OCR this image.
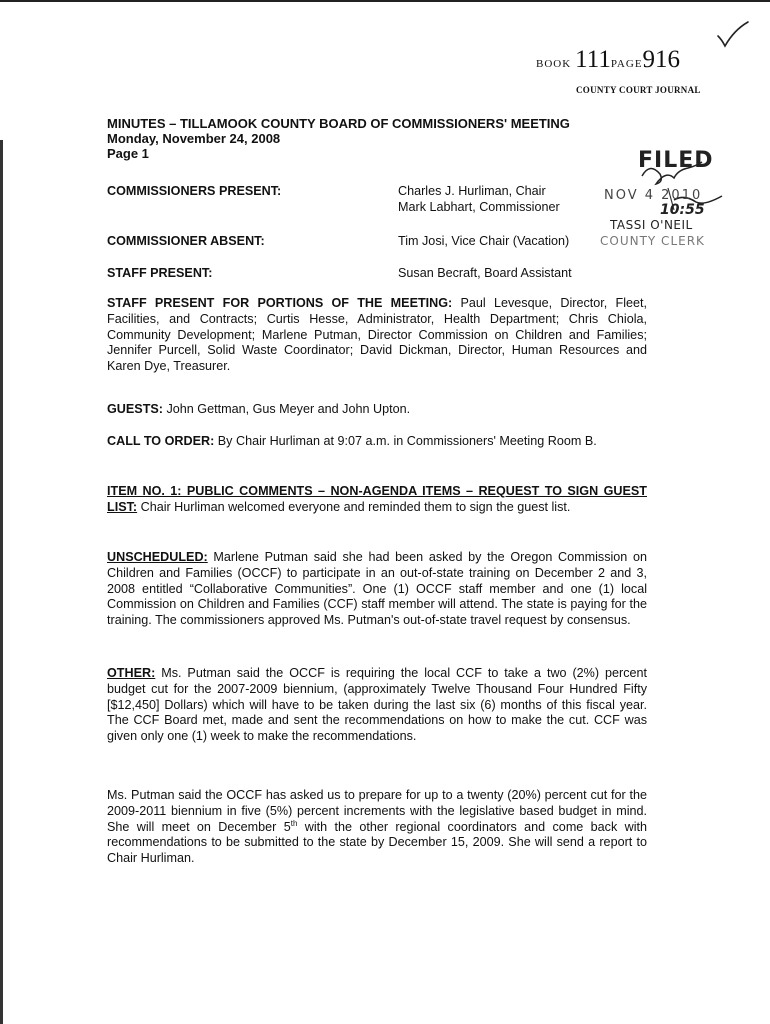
BOOK 111PAGE916
COUNTY COURT JOURNAL
FILED
NOV 4 2010
10:55
TASSI O'NEIL
COUNTY CLERK
MINUTES – TILLAMOOK COUNTY BOARD OF COMMISSIONERS' MEETING
Monday, November 24, 2008
Page 1
COMMISSIONERS PRESENT:	Charles J. Hurliman, Chair
Mark Labhart, Commissioner
COMMISSIONER ABSENT:	Tim Josi, Vice Chair (Vacation)
STAFF PRESENT:	Susan Becraft, Board Assistant
STAFF PRESENT FOR PORTIONS OF THE MEETING: Paul Levesque, Director, Fleet, Facilities, and Contracts; Curtis Hesse, Administrator, Health Department; Chris Chiola, Community Development; Marlene Putman, Director Commission on Children and Families; Jennifer Purcell, Solid Waste Coordinator; David Dickman, Director, Human Resources and Karen Dye, Treasurer.
GUESTS: John Gettman, Gus Meyer and John Upton.
CALL TO ORDER: By Chair Hurliman at 9:07 a.m. in Commissioners' Meeting Room B.
ITEM NO. 1: PUBLIC COMMENTS – NON-AGENDA ITEMS – REQUEST TO SIGN GUEST LIST: Chair Hurliman welcomed everyone and reminded them to sign the guest list.
UNSCHEDULED: Marlene Putman said she had been asked by the Oregon Commission on Children and Families (OCCF) to participate in an out-of-state training on December 2 and 3, 2008 entitled “Collaborative Communities”. One (1) OCCF staff member and one (1) local Commission on Children and Families (CCF) staff member will attend. The state is paying for the training. The commissioners approved Ms. Putman's out-of-state travel request by consensus.
OTHER: Ms. Putman said the OCCF is requiring the local CCF to take a two (2%) percent budget cut for the 2007-2009 biennium, (approximately Twelve Thousand Four Hundred Fifty [$12,450] Dollars) which will have to be taken during the last six (6) months of this fiscal year. The CCF Board met, made and sent the recommendations on how to make the cut. CCF was given only one (1) week to make the recommendations.
Ms. Putman said the OCCF has asked us to prepare for up to a twenty (20%) percent cut for the 2009-2011 biennium in five (5%) percent increments with the legislative based budget in mind. She will meet on December 5th with the other regional coordinators and come back with recommendations to be submitted to the state by December 15, 2009. She will send a report to Chair Hurliman.
